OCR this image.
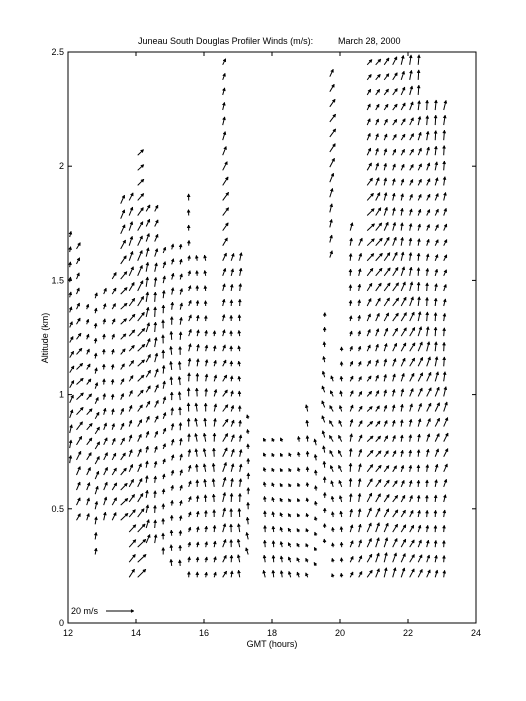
Juneau South Douglas Profiler Winds (m/s):	March 28, 2000
12	14	16	18	20	22	24
0
0.5
1
1.5
2
2.5
GMT (hours)
Altitude (km)
20 m/s
